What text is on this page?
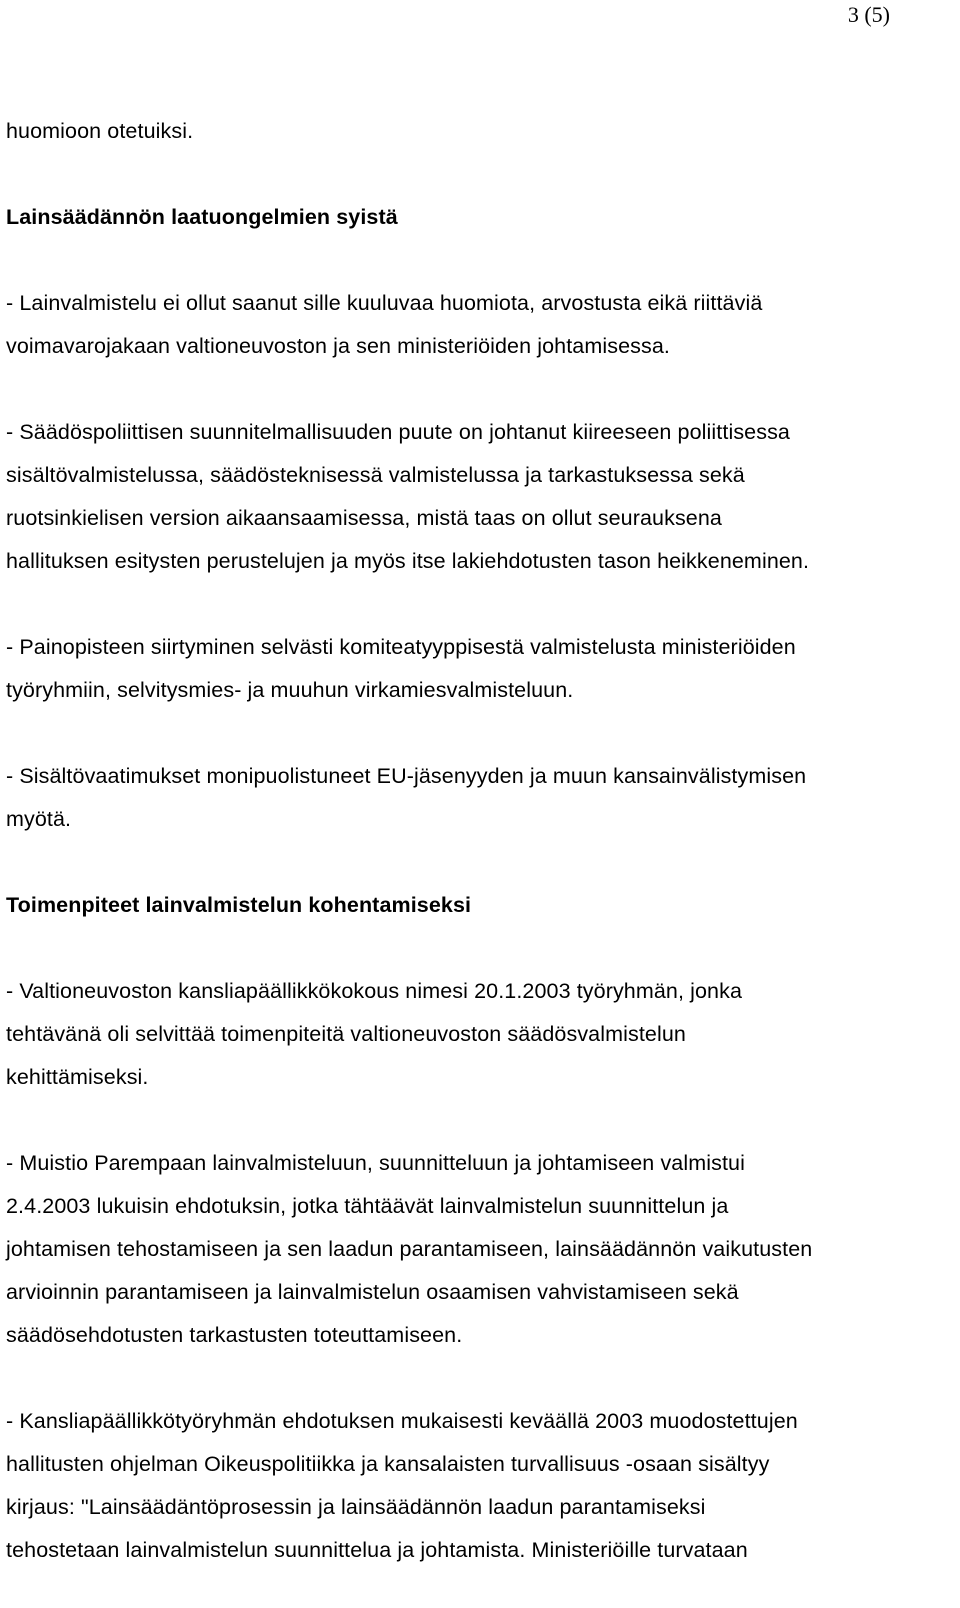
3 (5)
huomioon otetuiksi.
Lainsäädännön laatuongelmien syistä
- Lainvalmistelu ei ollut saanut sille kuuluvaa huomiota, arvostusta eikä riittäviä
voimavarojakaan valtioneuvoston ja sen ministeriöiden johtamisessa.
- Säädöspoliittisen suunnitelmallisuuden puute on johtanut kiireeseen poliittisessa
sisältövalmistelussa, säädösteknisessä valmistelussa ja tarkastuksessa sekä
ruotsinkielisen version aikaansaamisessa, mistä taas on ollut seurauksena
hallituksen esitysten perustelujen ja myös itse lakiehdotusten tason heikkeneminen.
- Painopisteen siirtyminen selvästi komiteatyyppisestä valmistelusta ministeriöiden
työryhmiin, selvitysmies- ja muuhun virkamiesvalmisteluun.
- Sisältövaatimukset monipuolistuneet EU-jäsenyyden ja muun kansainvälistymisen
myötä.
Toimenpiteet lainvalmistelun kohentamiseksi
- Valtioneuvoston kansliapäällikkökokous nimesi 20.1.2003 työryhmän, jonka
tehtävänä oli selvittää toimenpiteitä valtioneuvoston säädösvalmistelun
kehittämiseksi.
- Muistio Parempaan lainvalmisteluun, suunnitteluun ja johtamiseen valmistui
2.4.2003 lukuisin ehdotuksin, jotka tähtäävät lainvalmistelun suunnittelun ja
johtamisen tehostamiseen ja sen laadun parantamiseen, lainsäädännön vaikutusten
arvioinnin parantamiseen ja lainvalmistelun osaamisen vahvistamiseen sekä
säädösehdotusten tarkastusten toteuttamiseen.
- Kansliapäällikkötyöryhmän ehdotuksen mukaisesti keväällä 2003 muodostettujen
hallitusten ohjelman Oikeuspolitiikka ja kansalaisten turvallisuus -osaan sisältyy
kirjaus: "Lainsäädäntöprosessin ja lainsäädännön laadun parantamiseksi
tehostetaan lainvalmistelun suunnittelua ja johtamista. Ministeriöille turvataan
